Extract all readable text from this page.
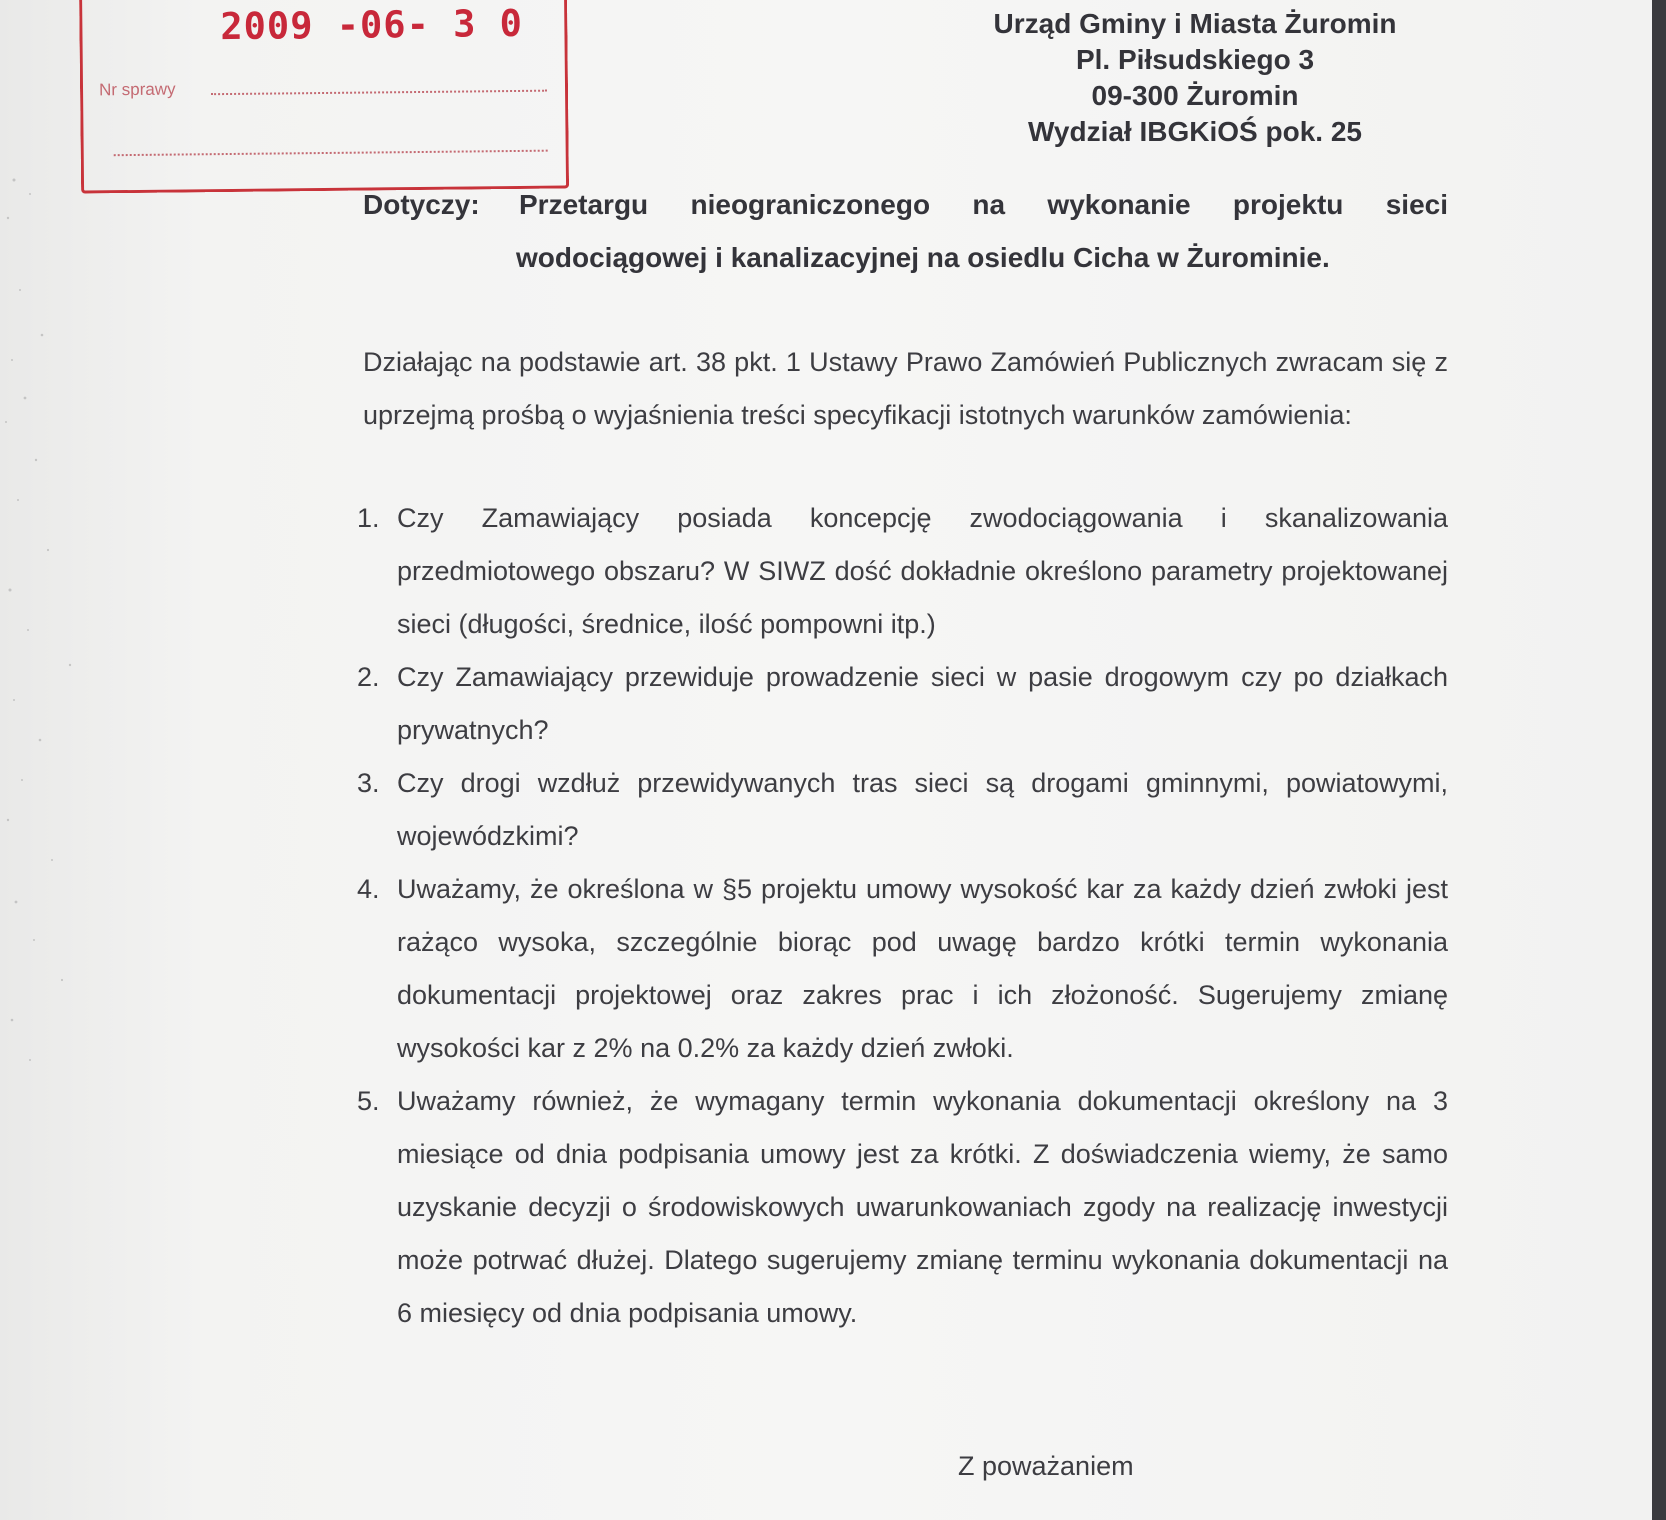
2009 -06- 3 0
Nr sprawy
Urząd Gminy i Miasta Żuromin
Pl. Piłsudskiego 3
09-300 Żuromin
Wydział IBGKiOŚ pok. 25
Dotyczy: Przetargu nieograniczonego na wykonanie projektu sieci
wodociągowej i kanalizacyjnej na osiedlu Cicha w Żurominie.
Działając na podstawie art. 38 pkt. 1 Ustawy Prawo Zamówień Publicznych zwracam się z uprzejmą prośbą o wyjaśnienia treści specyfikacji istotnych warunków zamówienia:
1. Czy Zamawiający posiada koncepcję zwodociągowania i skanalizowania przedmiotowego obszaru? W SIWZ dość dokładnie określono parametry projektowanej sieci (długości, średnice, ilość pompowni itp.)
2. Czy Zamawiający przewiduje prowadzenie sieci w pasie drogowym czy po działkach prywatnych?
3. Czy drogi wzdłuż przewidywanych tras sieci są drogami gminnymi, powiatowymi, wojewódzkimi?
4. Uważamy, że określona w §5 projektu umowy wysokość kar za każdy dzień zwłoki jest rażąco wysoka, szczególnie biorąc pod uwagę bardzo krótki termin wykonania dokumentacji projektowej oraz zakres prac i ich złożoność. Sugerujemy zmianę wysokości kar z 2% na 0.2% za każdy dzień zwłoki.
5. Uważamy również, że wymagany termin wykonania dokumentacji określony na 3 miesiące od dnia podpisania umowy jest za krótki. Z doświadczenia wiemy, że samo uzyskanie decyzji o środowiskowych uwarunkowaniach zgody na realizację inwestycji może potrwać dłużej. Dlatego sugerujemy zmianę terminu wykonania dokumentacji na 6 miesięcy od dnia podpisania umowy.
Z poważaniem
